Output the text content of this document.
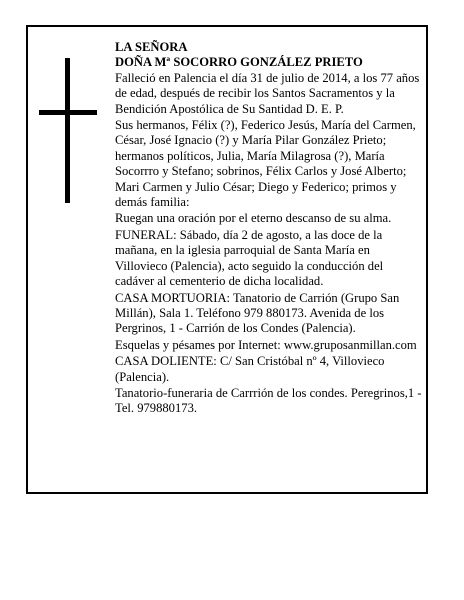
LA SEÑORA

DOÑA Mª SOCORRO GONZÁLEZ PRIETO

Falleció en Palencia el día 31 de julio de 2014, a los 77 años de edad, después de recibir los Santos Sacramentos y la Bendición Apostólica de Su Santidad D. E. P.

Sus hermanos, Félix (?), Federico Jesús, María del Carmen, César, José Ignacio (?) y María Pilar González Prieto; hermanos políticos, Julia, María Milagrosa (?), María Socorrro y Stefano; sobrinos, Félix Carlos y José Alberto; Mari Carmen y Julio César; Diego y Federico; primos y demás familia:

Ruegan una oración por el eterno descanso de su alma.

FUNERAL: Sábado, día 2 de agosto, a las doce de la mañana, en la iglesia parroquial de Santa María en Villovieco (Palencia), acto seguido la conducción del cadáver al cementerio de dicha localidad.

CASA MORTUORIA: Tanatorio de Carrión (Grupo San Millán), Sala 1. Teléfono 979 880173. Avenida de los Pergrinos, 1 - Carrión de los Condes (Palencia).

Esquelas y pésames por Internet: www.gruposanmillan.com

CASA DOLIENTE: C/ San Cristóbal nº 4, Villovieco (Palencia).

Tanatorio-funeraria de Carrrión de los condes. Peregrinos,1 - Tel. 979880173.
